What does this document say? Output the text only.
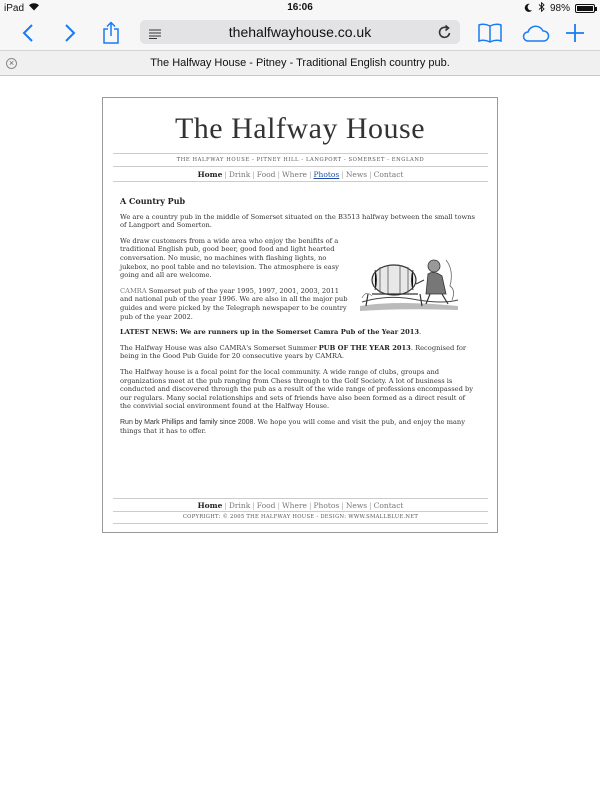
iPad	16:06	98%
thehalfwayhouse.co.uk
×	The Halfway House - Pitney - Traditional English country pub.
The Halfway House
THE HALFWAY HOUSE - PITNEY HILL - LANGPORT - SOMERSET - ENGLAND
Home | Drink | Food | Where | Photos | News | Contact
A Country Pub

We are a country pub in the middle of Somerset situated on the B3513 halfway between the small towns of Langport and Somerton.

We draw customers from a wide area who enjoy the benifits of a traditional English pub, good beer, good food and light hearted conversation. No music, no machines with flashing lights, no jukebox, no pool table and no television. The atmosphere is easy going and all are welcome.

CAMRA Somerset pub of the year 1995, 1997, 2001, 2003, 2011 and national pub of the year 1996. We are also in all the major pub guides and were picked by the Telegraph newspaper to be country pub of the year 2002.

LATEST NEWS: We are runners up in the Somerset Camra Pub of the Year 2013.

The Halfway House was also CAMRA's Somerset Summer PUB OF THE YEAR 2013. Recognised for being in the Good Pub Guide for 20 consecutive years by CAMRA.

The Halfway house is a focal point for the local community. A wide range of clubs, groups and organizations meet at the pub ranging from Chess through to the Golf Society. A lot of business is conducted and discovered through the pub as a result of the wide range of professions encompassed by our regulars. Many social relationships and sets of friends have also been formed as a direct result of the convivial social environment found at the Halfway House.

Run by Mark Phillips and family since 2008. We hope you will come and visit the pub, and enjoy the many things that it has to offer.

Home | Drink | Food | Where | Photos | News | Contact
COPYRIGHT: © 2005 THE HALFWAY HOUSE - DESIGN: WWW.SMALLBLUE.NET
